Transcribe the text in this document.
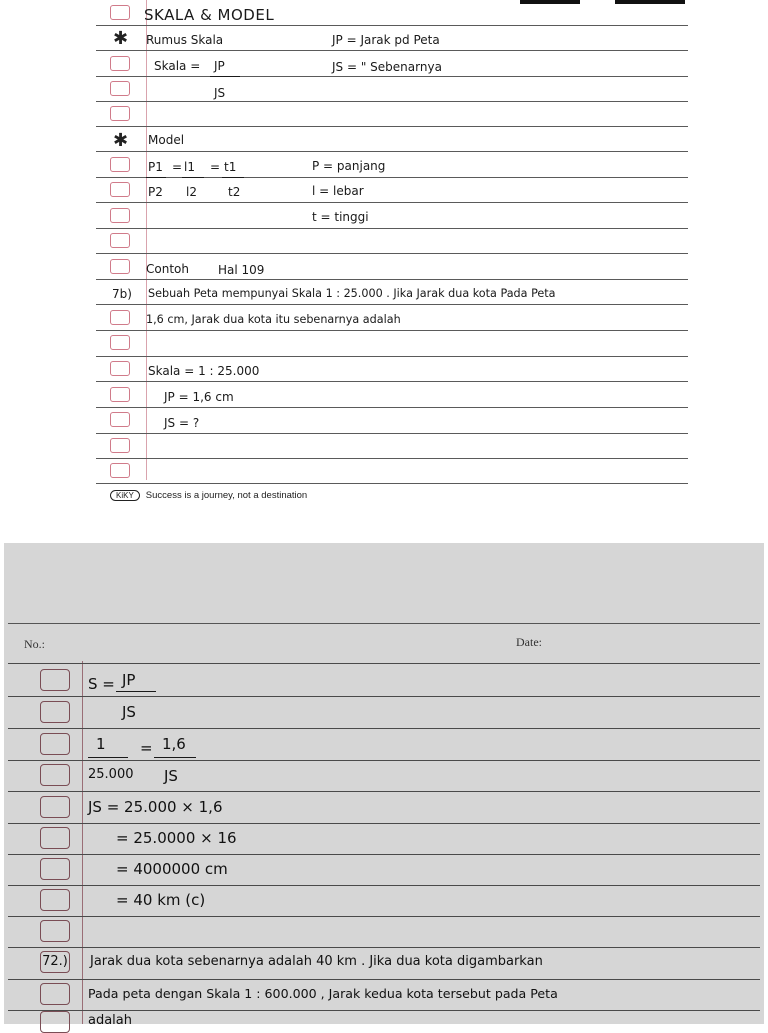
✱
✱
SKALA & MODEL
Rumus Skala	JP = Jarak pd Peta
JS = " Sebenarnya
Skala = JP
JS
Model
P1 = l1 = t1
P2 l2	t2
P = panjang
l = lebar
t = tinggi
Contoh Hal 109
7b) Sebuah Peta mempunyai Skala 1 : 25.000 . Jika Jarak dua kota Pada Peta
1,6 cm, Jarak dua kota itu sebenarnya adalah
Skala = 1 : 25.000
JP = 1,6 cm
JS = ?
KiKY Success is a journey, not a destination
No.:	Date:
72.)
S = JP
JS
1 = 1,6
25.000 JS
JS = 25.000 × 1,6
= 25.0000 × 16
= 4000000 cm
= 40 km (c)
Jarak dua kota sebenarnya adalah 40 km . Jika dua kota digambarkan
Pada peta dengan Skala 1 : 600.000 , Jarak kedua kota tersebut pada Peta
adalah
